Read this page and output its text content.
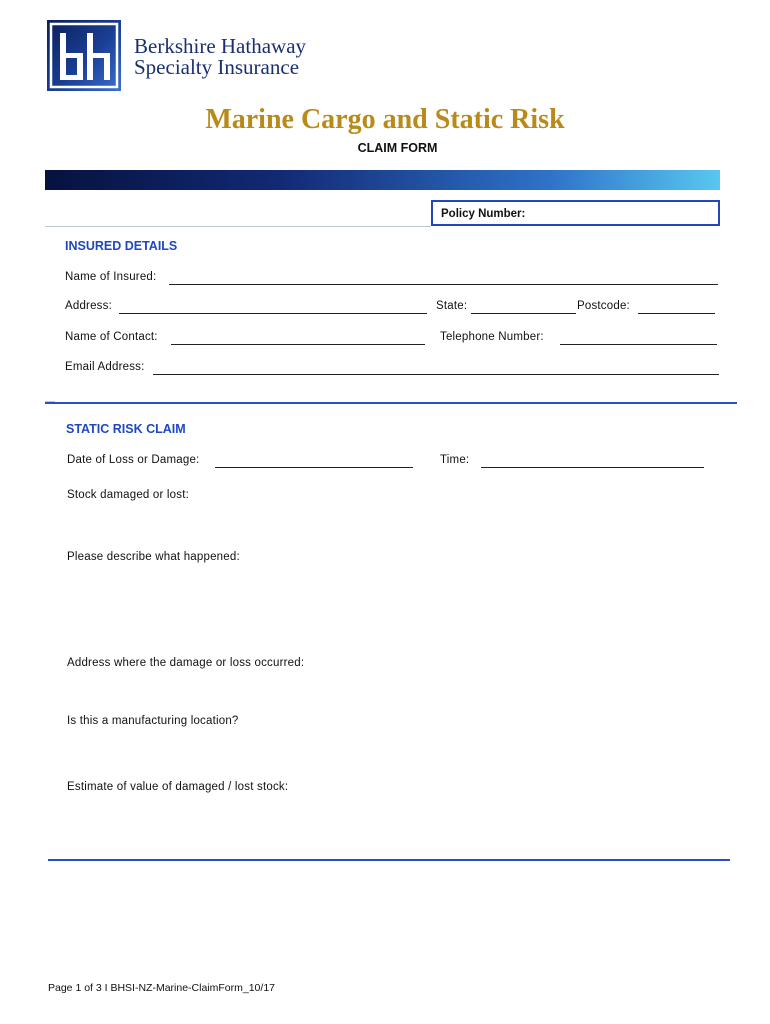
Berkshire Hathaway
Specialty Insurance
Marine Cargo and Static Risk
CLAIM FORM
Policy Number:
INSURED DETAILS
Name of Insured:
Address:	State:	Postcode:
Name of Contact:	Telephone Number:
Email Address:
STATIC RISK CLAIM
Date of Loss or Damage:	Time:
Stock damaged or lost:
Please describe what happened:
Address where the damage or loss occurred:
Is this a manufacturing location?
Estimate of value of damaged / lost stock:
Page 1 of 3 I BHSI-NZ-Marine-ClaimForm_10/17
